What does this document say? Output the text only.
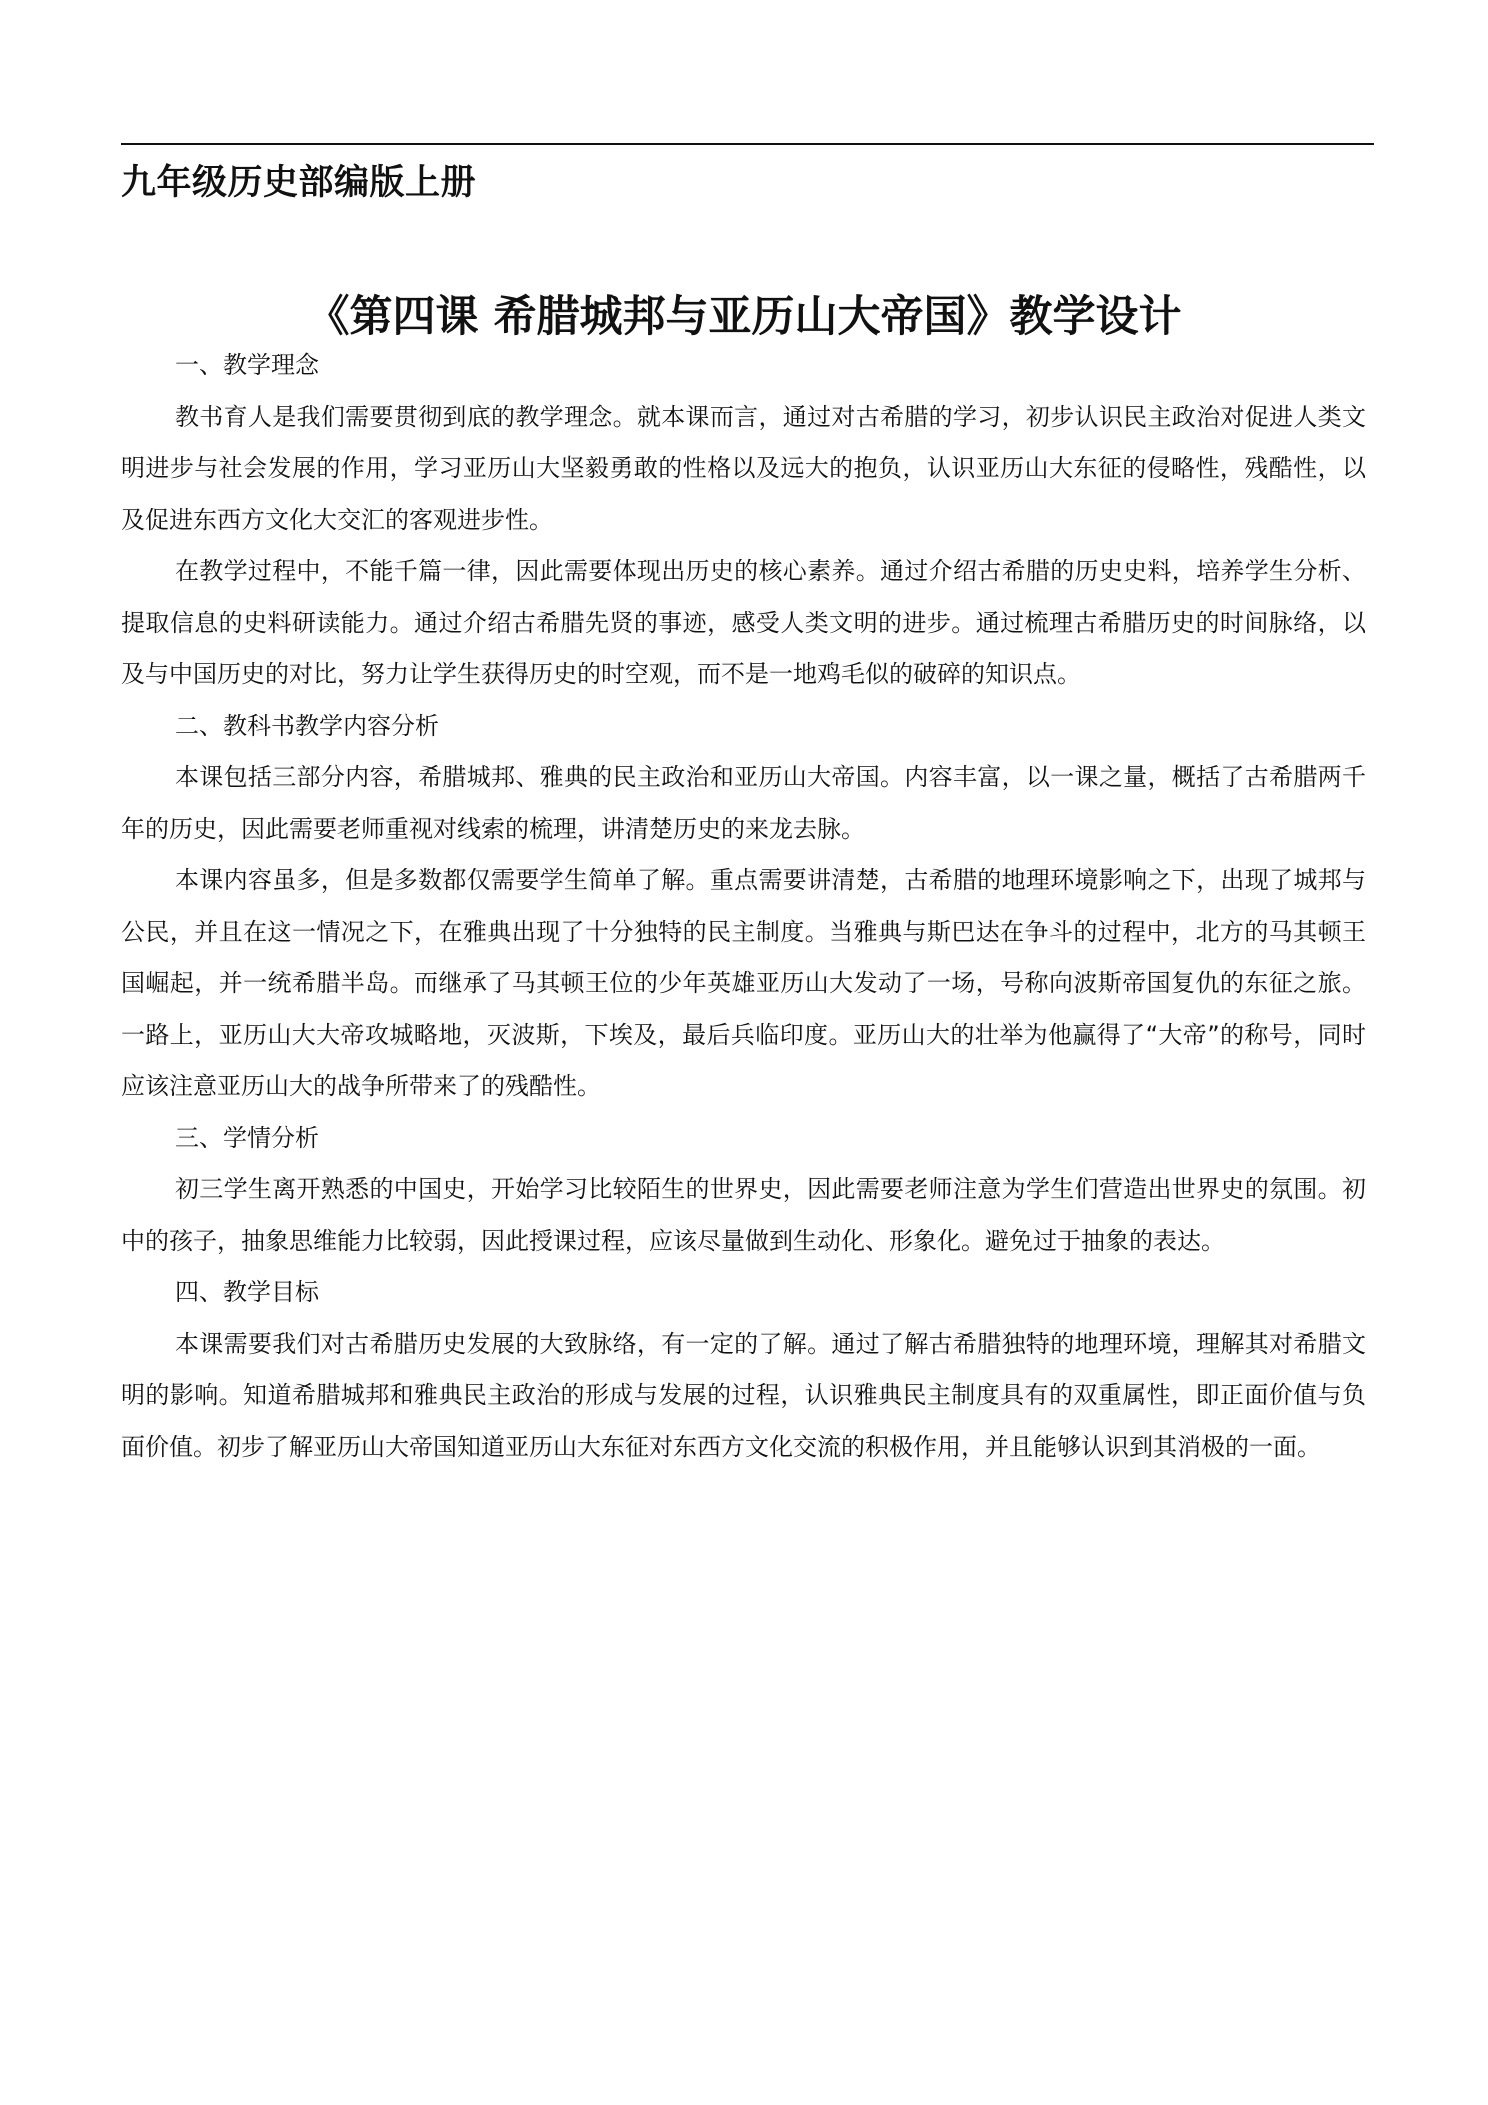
九年级历史部编版上册
《第四课 希腊城邦与亚历山大帝国》教学设计

一、教学理念

教书育人是我们需要贯彻到底的教学理念。就本课而言，通过对古希腊的学习，初步认识民主政治对促进人类文明进步与社会发展的作用，学习亚历山大坚毅勇敢的性格以及远大的抱负，认识亚历山大东征的侵略性，残酷性，以及促进东西方文化大交汇的客观进步性。

在教学过程中，不能千篇一律，因此需要体现出历史的核心素养。通过介绍古希腊的历史史料，培养学生分析、提取信息的史料研读能力。通过介绍古希腊先贤的事迹，感受人类文明的进步。通过梳理古希腊历史的时间脉络，以及与中国历史的对比，努力让学生获得历史的时空观，而不是一地鸡毛似的破碎的知识点。

二、教科书教学内容分析

本课包括三部分内容，希腊城邦、雅典的民主政治和亚历山大帝国。内容丰富，以一课之量，概括了古希腊两千年的历史，因此需要老师重视对线索的梳理，讲清楚历史的来龙去脉。

本课内容虽多，但是多数都仅需要学生简单了解。重点需要讲清楚，古希腊的地理环境影响之下，出现了城邦与公民，并且在这一情况之下，在雅典出现了十分独特的民主制度。当雅典与斯巴达在争斗的过程中，北方的马其顿王国崛起，并一统希腊半岛。而继承了马其顿王位的少年英雄亚历山大发动了一场，号称向波斯帝国复仇的东征之旅。一路上，亚历山大大帝攻城略地，灭波斯，下埃及，最后兵临印度。亚历山大的壮举为他赢得了“大帝”的称号，同时应该注意亚历山大的战争所带来了的残酷性。

三、学情分析

初三学生离开熟悉的中国史，开始学习比较陌生的世界史，因此需要老师注意为学生们营造出世界史的氛围。初中的孩子，抽象思维能力比较弱，因此授课过程，应该尽量做到生动化、形象化。避免过于抽象的表达。

四、教学目标

本课需要我们对古希腊历史发展的大致脉络，有一定的了解。通过了解古希腊独特的地理环境，理解其对希腊文明的影响。知道希腊城邦和雅典民主政治的形成与发展的过程，认识雅典民主制度具有的双重属性，即正面价值与负面价值。初步了解亚历山大帝国知道亚历山大东征对东西方文化交流的积极作用，并且能够认识到其消极的一面。
